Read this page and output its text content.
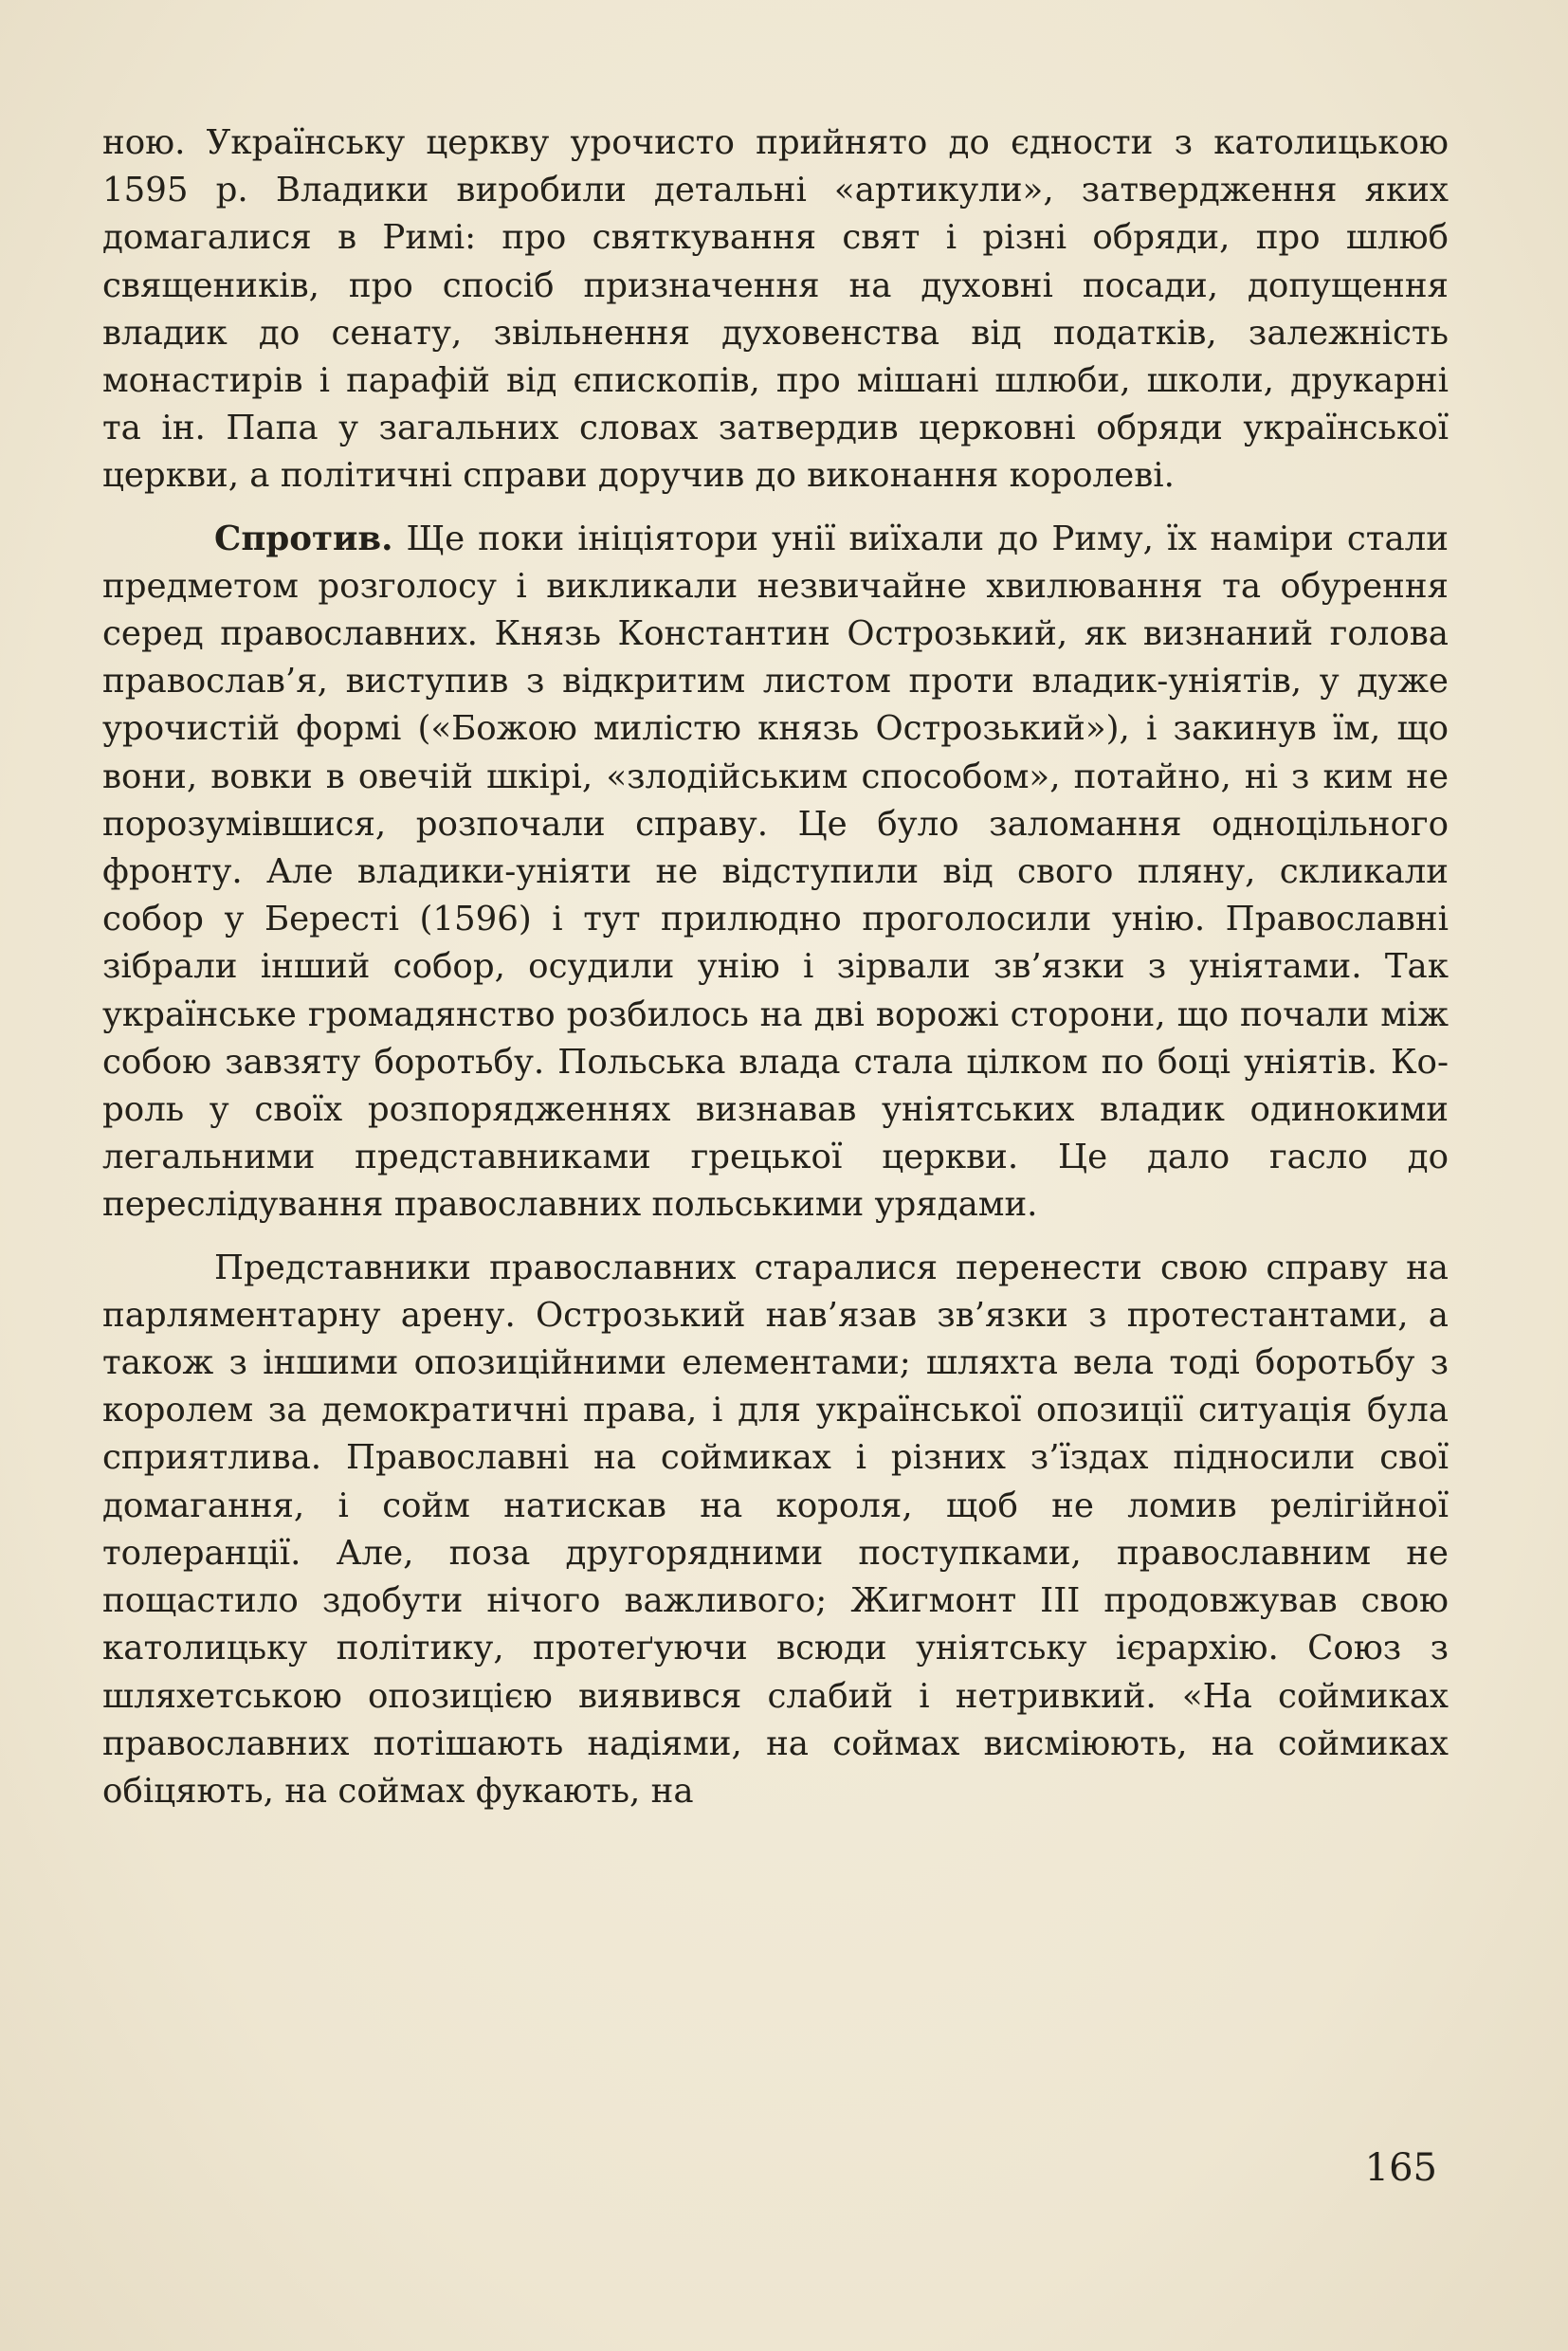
ною. Українську церкву урочисто прийнято до єдности з католицькою 1595 р. Владики виробили детальні «артикули», затвердження яких домагалися в Римі: про святкування свят і різні обряди, про шлюб священиків, про спосіб призначення на духовні посади, допущення владик до сенату, звільнення духовенства від податків, залежність монастирів і парафій від єпископів, про мішані шлюби, школи, друкарні та ін. Папа у загальних словах затвердив церковні обряди української церкви, а політичні справи доручив до виконання королеві.

Спротив. Ще поки ініціятори унії виїхали до Риму, їх наміри стали предметом розголосу і викликали незвичайне хвилювання та обурення серед православних. Князь Константин Острозький, як визнаний голова православ’я, виступив з відкритим листом проти владик-уніятів, у дуже урочистій формі («Божою милістю князь Острозький»), і закинув їм, що вони, вовки в овечій шкірі, «злодійським способом», потайно, ні з ким не порозумівшися, розпочали справу. Це було заломання одноцільного фронту. Але владики-уніяти не відступили від свого пляну, скликали собор у Бересті (1596) і тут прилюдно проголосили унію. Православні зібрали інший собор, осудили унію і зірвали зв’язки з уніятами. Так українське громадянство розбилось на дві ворожі сторони, що почали між собою завзяту боротьбу. Польська влада стала цілком по боці уніятів. Король у своїх розпорядженнях визнавав уніятських владик одинокими легальними представниками грецької церкви. Це дало гасло до переслідування православних польськими урядами.

Представники православних старалися перенести свою справу на парляментарну арену. Острозький нав’язав зв’язки з протестантами, а також з іншими опозиційними елементами; шляхта вела тоді боротьбу з королем за демократичні права, і для української опозиції ситуація була сприятлива. Православні на соймиках і різних з’їздах підносили свої домагання, і сойм натискав на короля, щоб не ломив релігійної толеранції. Але, поза другорядними поступками, православним не пощастило здобути нічого важливого; Жигмонт III продовжував свою католицьку політику, протеґуючи всюди уніятську ієрархію. Союз з шляхетською опозицією виявився слабий і нетривкий. «На соймиках православних потішають надіями, на соймах висміюють, на соймиках обіцяють, на соймах фукають, на

165
